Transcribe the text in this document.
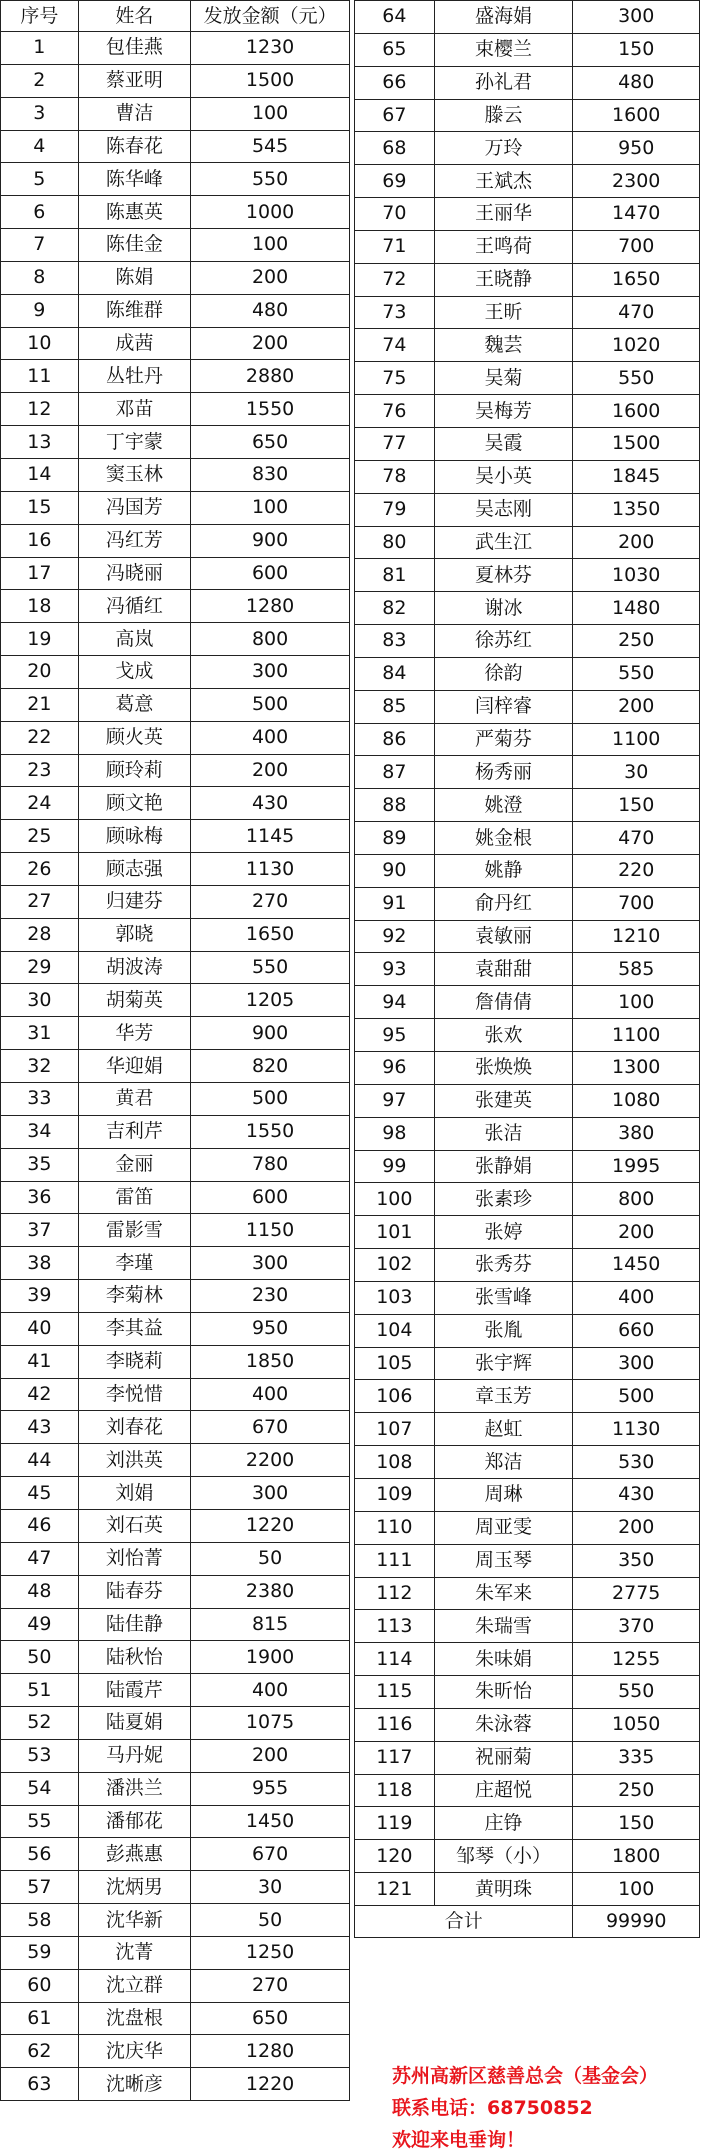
序号	姓名	发放金额（元）
1	包佳燕	1230
2	蔡亚明	1500
3	曹洁	100
4	陈春花	545
5	陈华峰	550
6	陈惠英	1000
7	陈佳金	100
8	陈娟	200
9	陈维群	480
10	成茜	200
11	丛牡丹	2880
12	邓苗	1550
13	丁宇蒙	650
14	窦玉林	830
15	冯国芳	100
16	冯红芳	900
17	冯晓丽	600
18	冯循红	1280
19	高岚	800
20	戈成	300
21	葛意	500
22	顾火英	400
23	顾玲莉	200
24	顾文艳	430
25	顾咏梅	1145
26	顾志强	1130
27	归建芬	270
28	郭晓	1650
29	胡波涛	550
30	胡菊英	1205
31	华芳	900
32	华迎娟	820
33	黄君	500
34	吉利芹	1550
35	金丽	780
36	雷笛	600
37	雷影雪	1150
38	李瑾	300
39	李菊林	230
40	李其益	950
41	李晓莉	1850
42	李悦惜	400
43	刘春花	670
44	刘洪英	2200
45	刘娟	300
46	刘石英	1220
47	刘怡菁	50
48	陆春芬	2380
49	陆佳静	815
50	陆秋怡	1900
51	陆霞芹	400
52	陆夏娟	1075
53	马丹妮	200
54	潘洪兰	955
55	潘郁花	1450
56	彭燕惠	670
57	沈炳男	30
58	沈华新	50
59	沈菁	1250
60	沈立群	270
61	沈盘根	650
62	沈庆华	1280
63	沈晰彦	1220
64	盛海娟	300
65	束樱兰	150
66	孙礼君	480
67	滕云	1600
68	万玲	950
69	王斌杰	2300
70	王丽华	1470
71	王鸣荷	700
72	王晓静	1650
73	王昕	470
74	魏芸	1020
75	吴菊	550
76	吴梅芳	1600
77	吴霞	1500
78	吴小英	1845
79	吴志刚	1350
80	武生江	200
81	夏林芬	1030
82	谢冰	1480
83	徐苏红	250
84	徐韵	550
85	闫梓睿	200
86	严菊芬	1100
87	杨秀丽	30
88	姚澄	150
89	姚金根	470
90	姚静	220
91	俞丹红	700
92	袁敏丽	1210
93	袁甜甜	585
94	詹倩倩	100
95	张欢	1100
96	张焕焕	1300
97	张建英	1080
98	张洁	380
99	张静娟	1995
100	张素珍	800
101	张婷	200
102	张秀芬	1450
103	张雪峰	400
104	张胤	660
105	张宇辉	300
106	章玉芳	500
107	赵虹	1130
108	郑洁	530
109	周琳	430
110	周亚雯	200
111	周玉琴	350
112	朱军来	2775
113	朱瑞雪	370
114	朱味娟	1255
115	朱昕怡	550
116	朱泳蓉	1050
117	祝丽菊	335
118	庄超悦	250
119	庄铮	150
120	邹琴（小）	1800
121	黄明珠	100
合计		99990
苏州高新区慈善总会（基金会）
联系电话：68750852
欢迎来电垂询！
